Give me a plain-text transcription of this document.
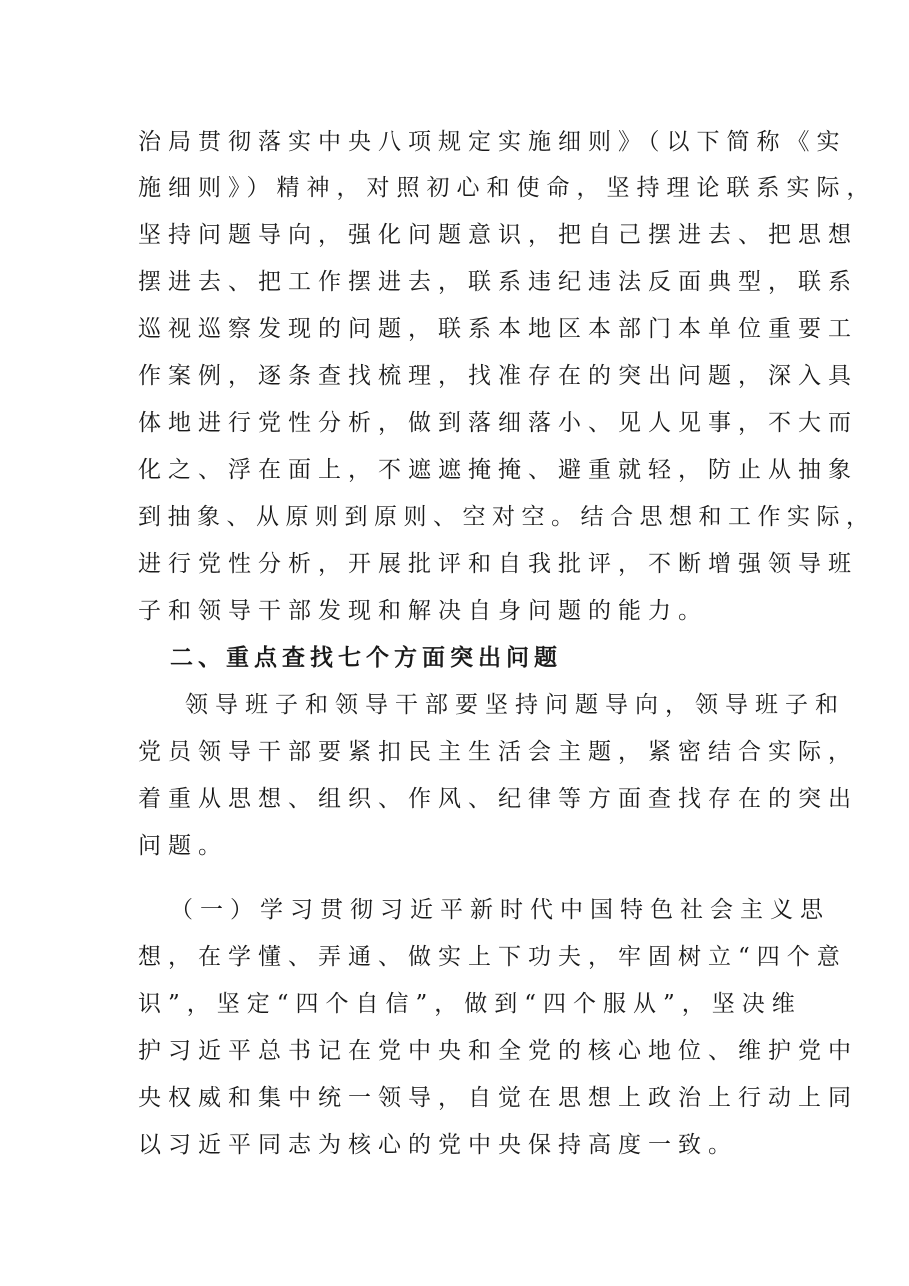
治局贯彻落实中央八项规定实施细则》（以下简称《实
施细则》）精神，对照初心和使命，坚持理论联系实际，
坚持问题导向，强化问题意识，把自己摆进去、把思想
摆进去、把工作摆进去，联系违纪违法反面典型，联系
巡视巡察发现的问题，联系本地区本部门本单位重要工
作案例，逐条查找梳理，找准存在的突出问题，深入具
体地进行党性分析，做到落细落小、见人见事，不大而
化之、浮在面上，不遮遮掩掩、避重就轻，防止从抽象
到抽象、从原则到原则、空对空。结合思想和工作实际，
进行党性分析，开展批评和自我批评，不断增强领导班
子和领导干部发现和解决自身问题的能力。
二、重点查找七个方面突出问题
领导班子和领导干部要坚持问题导向，领导班子和
党员领导干部要紧扣民主生活会主题，紧密结合实际，
着重从思想、组织、作风、纪律等方面查找存在的突出
问题。
（一）学习贯彻习近平新时代中国特色社会主义思
想，在学懂、弄通、做实上下功夫，牢固树立“四个意
识”，坚定“四个自信”，做到“四个服从”，坚决维
护习近平总书记在党中央和全党的核心地位、维护党中
央权威和集中统一领导，自觉在思想上政治上行动上同
以习近平同志为核心的党中央保持高度一致。
